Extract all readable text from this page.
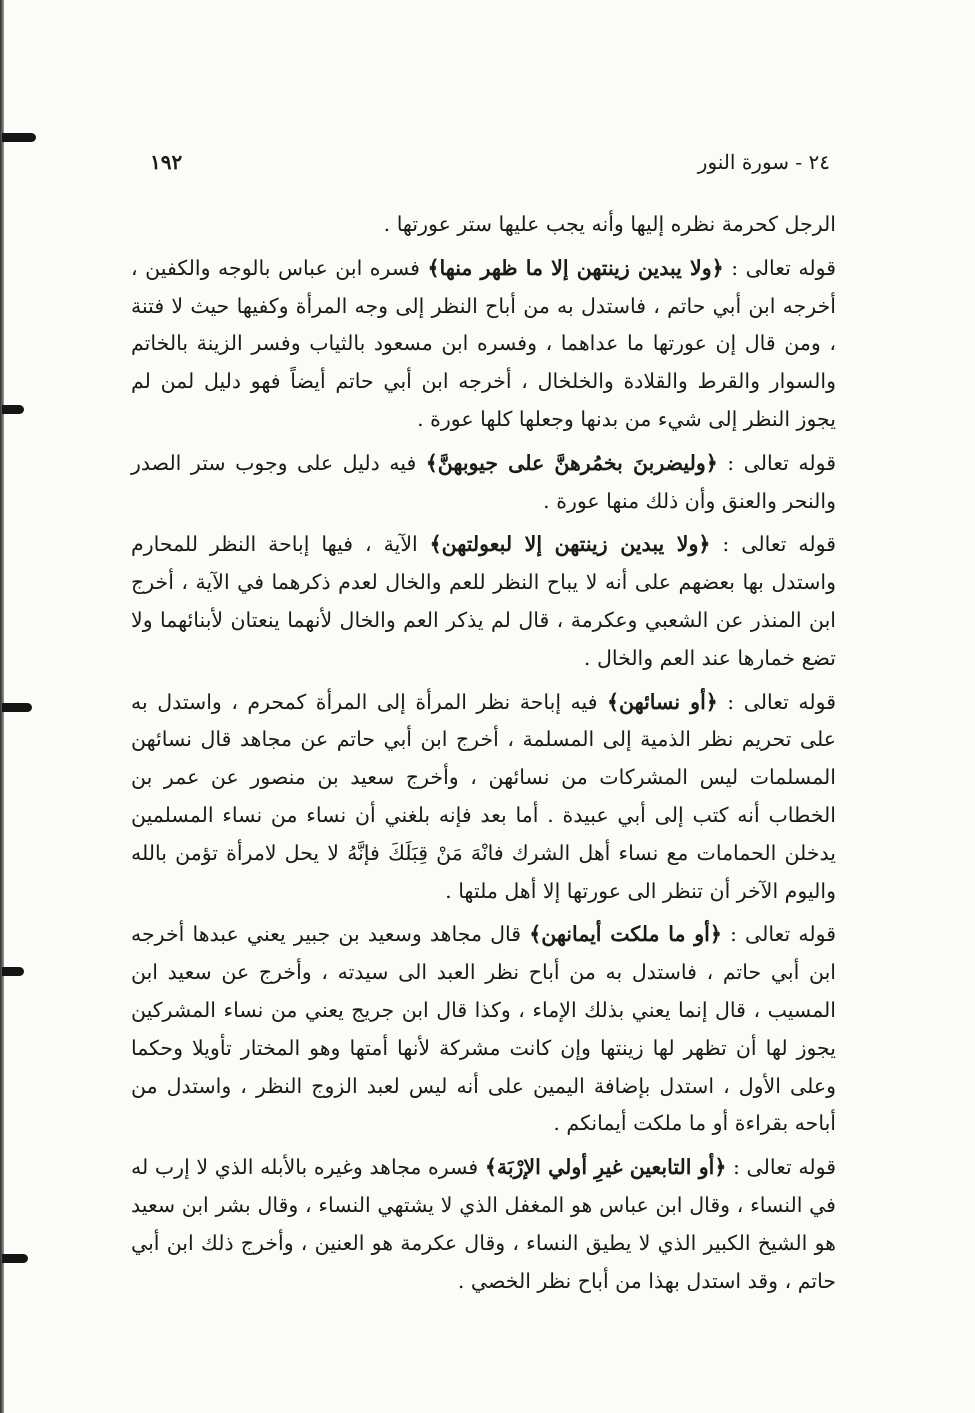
١٩٢	٢٤ - سورة النور

الرجل كحرمة نظره إليها وأنه يجب عليها ستر عورتها .

قوله تعالى : ﴿ولا يبدين زينتهن إلا ما ظهر منها﴾ فسره ابن عباس بالوجه والكفين ، أخرجه ابن أبي حاتم ، فاستدل به من أباح النظر إلى وجه المرأة وكفيها حيث لا فتنة ، ومن قال إن عورتها ما عداهما ، وفسره ابن مسعود بالثياب وفسر الزينة بالخاتم والسوار والقرط والقلادة والخلخال ، أخرجه ابن أبي حاتم أيضاً فهو دليل لمن لم يجوز النظر إلى شيء من بدنها وجعلها كلها عورة .

قوله تعالى : ﴿وليضربنَ بخمُرهنَّ على جيوبهنَّ﴾ فيه دليل على وجوب ستر الصدر والنحر والعنق وأن ذلك منها عورة .

قوله تعالى : ﴿ولا يبدين زينتهن إلا لبعولتهن﴾ الآية ، فيها إباحة النظر للمحارم واستدل بها بعضهم على أنه لا يباح النظر للعم والخال لعدم ذكرهما في الآية ، أخرج ابن المنذر عن الشعبي وعكرمة ، قال لم يذكر العم والخال لأنهما ينعتان لأبنائهما ولا تضع خمارها عند العم والخال .

قوله تعالى : ﴿أو نسائهن﴾ فيه إباحة نظر المرأة إلى المرأة كمحرم ، واستدل به على تحريم نظر الذمية إلى المسلمة ، أخرج ابن أبي حاتم عن مجاهد قال نسائهن المسلمات ليس المشركات من نسائهن ، وأخرج سعيد بن منصور عن عمر بن الخطاب أنه كتب إلى أبي عبيدة . أما بعد فإنه بلغني أن نساء من نساء المسلمين يدخلن الحمامات مع نساء أهل الشرك فانْهَ مَنْ قِبَلَكَ فإنَّهُ لا يحل لامرأة تؤمن بالله واليوم الآخر أن تنظر الى عورتها إلا أهل ملتها .

قوله تعالى : ﴿أو ما ملكت أيمانهن﴾ قال مجاهد وسعيد بن جبير يعني عبدها أخرجه ابن أبي حاتم ، فاستدل به من أباح نظر العبد الى سيدته ، وأخرج عن سعيد ابن المسيب ، قال إنما يعني بذلك الإماء ، وكذا قال ابن جريج يعني من نساء المشركين يجوز لها أن تظهر لها زينتها وإن كانت مشركة لأنها أمتها وهو المختار تأويلا وحكما وعلى الأول ، استدل بإضافة اليمين على أنه ليس لعبد الزوج النظر ، واستدل من أباحه بقراءة أو ما ملكت أيمانكم .

قوله تعالى : ﴿أو التابعين غيرِ أولي الإرْبَة﴾ فسره مجاهد وغيره بالأبله الذي لا إرب له في النساء ، وقال ابن عباس هو المغفل الذي لا يشتهي النساء ، وقال بشر ابن سعيد هو الشيخ الكبير الذي لا يطيق النساء ، وقال عكرمة هو العنين ، وأخرج ذلك ابن أبي حاتم ، وقد استدل بهذا من أباح نظر الخصي .
